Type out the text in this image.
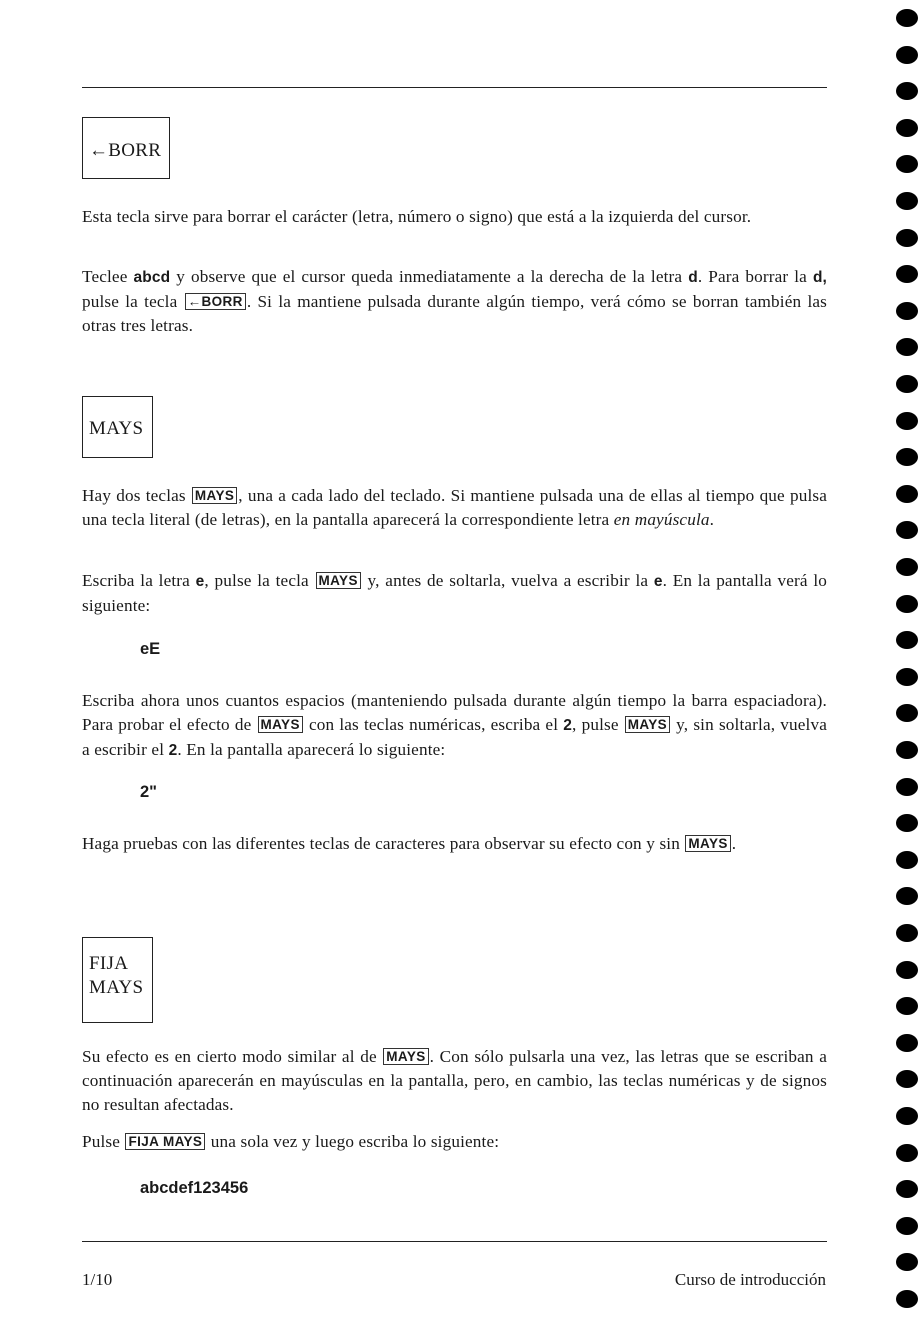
←BORR

Esta tecla sirve para borrar el carácter (letra, número o signo) que está a la izquierda del cursor.

Teclee abcd y observe que el cursor queda inmediatamente a la derecha de la letra d. Para borrar la d, pulse la tecla ←BORR . Si la mantiene pulsada durante algún tiempo, verá cómo se borran también las otras tres letras.

MAYS

Hay dos teclas MAYS , una a cada lado del teclado. Si mantiene pulsada una de ellas al tiempo que pulsa una tecla literal (de letras), en la pantalla aparecerá la correspondiente letra en mayúscula.

Escriba la letra e, pulse la tecla MAYS y, antes de soltarla, vuelva a escribir la e. En la pantalla verá lo siguiente:

eE

Escriba ahora unos cuantos espacios (manteniendo pulsada durante algún tiempo la barra espaciadora). Para probar el efecto de MAYS con las teclas numéricas, escriba el 2, pulse MAYS y, sin soltarla, vuelva a escribir el 2. En la pantalla aparecerá lo siguiente:

2"

Haga pruebas con las diferentes teclas de caracteres para observar su efecto con y sin MAYS .

FIJA
MAYS

Su efecto es en cierto modo similar al de MAYS . Con sólo pulsarla una vez, las letras que se escriban a continuación aparecerán en mayúsculas en la pantalla, pero, en cambio, las teclas numéricas y de signos no resultan afectadas.

Pulse FIJA MAYS una sola vez y luego escriba lo siguiente:

abcdef123456

1/10	Curso de introducción
